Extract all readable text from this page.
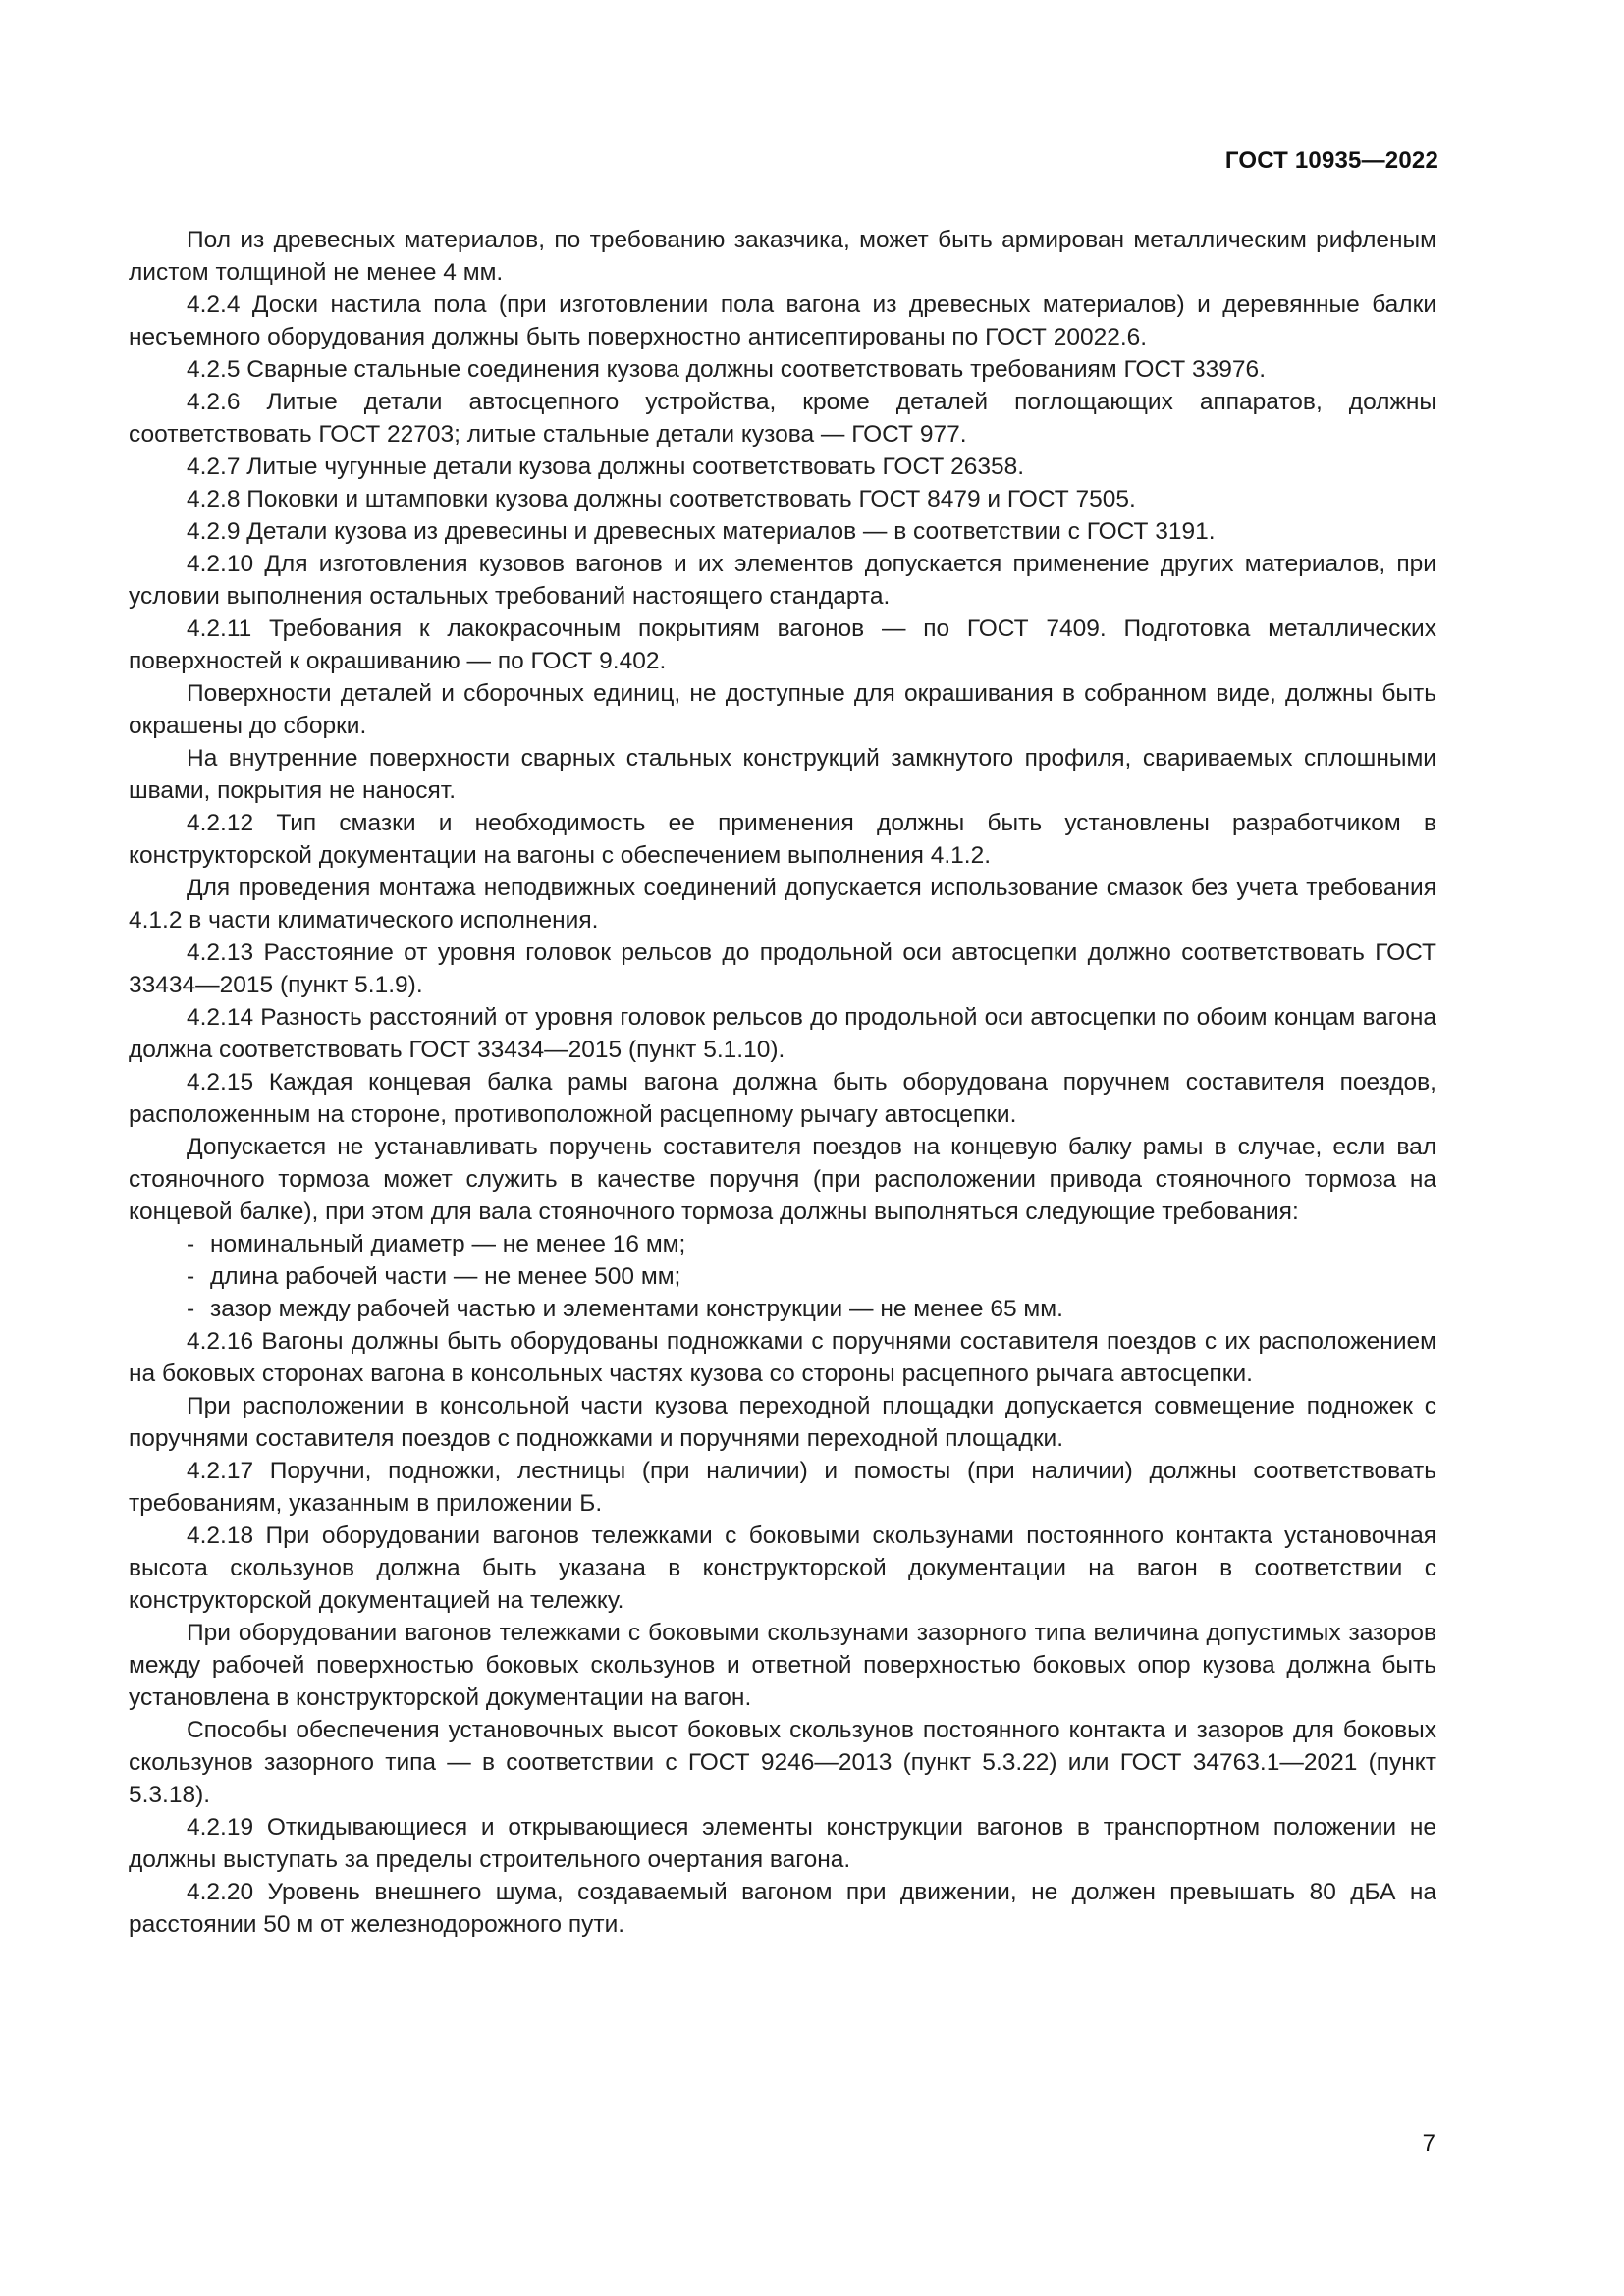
ГОСТ 10935—2022

Пол из древесных материалов, по требованию заказчика, может быть армирован металлическим рифленым листом толщиной не менее 4 мм.

4.2.4 Доски настила пола (при изготовлении пола вагона из древесных материалов) и деревянные балки несъемного оборудования должны быть поверхностно антисептированы по ГОСТ 20022.6.

4.2.5 Сварные стальные соединения кузова должны соответствовать требованиям ГОСТ 33976.

4.2.6 Литые детали автосцепного устройства, кроме деталей поглощающих аппаратов, должны соответствовать ГОСТ 22703; литые стальные детали кузова — ГОСТ 977.

4.2.7 Литые чугунные детали кузова должны соответствовать ГОСТ 26358.

4.2.8 Поковки и штамповки кузова должны соответствовать ГОСТ 8479 и ГОСТ 7505.

4.2.9 Детали кузова из древесины и древесных материалов — в соответствии с ГОСТ 3191.

4.2.10 Для изготовления кузовов вагонов и их элементов допускается применение других материалов, при условии выполнения остальных требований настоящего стандарта.

4.2.11 Требования к лакокрасочным покрытиям вагонов — по ГОСТ 7409. Подготовка металлических поверхностей к окрашиванию — по ГОСТ 9.402.

Поверхности деталей и сборочных единиц, не доступные для окрашивания в собранном виде, должны быть окрашены до сборки.

На внутренние поверхности сварных стальных конструкций замкнутого профиля, свариваемых сплошными швами, покрытия не наносят.

4.2.12 Тип смазки и необходимость ее применения должны быть установлены разработчиком в конструкторской документации на вагоны с обеспечением выполнения 4.1.2.

Для проведения монтажа неподвижных соединений допускается использование смазок без учета требования 4.1.2 в части климатического исполнения.

4.2.13 Расстояние от уровня головок рельсов до продольной оси автосцепки должно соответствовать ГОСТ 33434—2015 (пункт 5.1.9).

4.2.14 Разность расстояний от уровня головок рельсов до продольной оси автосцепки по обоим концам вагона должна соответствовать ГОСТ 33434—2015 (пункт 5.1.10).

4.2.15 Каждая концевая балка рамы вагона должна быть оборудована поручнем составителя поездов, расположенным на стороне, противоположной расцепному рычагу автосцепки.

Допускается не устанавливать поручень составителя поездов на концевую балку рамы в случае, если вал стояночного тормоза может служить в качестве поручня (при расположении привода стояночного тормоза на концевой балке), при этом для вала стояночного тормоза должны выполняться следующие требования:

- номинальный диаметр — не менее 16 мм;

- длина рабочей части — не менее 500 мм;

- зазор между рабочей частью и элементами конструкции — не менее 65 мм.

4.2.16 Вагоны должны быть оборудованы подножками с поручнями составителя поездов с их расположением на боковых сторонах вагона в консольных частях кузова со стороны расцепного рычага автосцепки.

При расположении в консольной части кузова переходной площадки допускается совмещение подножек с поручнями составителя поездов с подножками и поручнями переходной площадки.

4.2.17 Поручни, подножки, лестницы (при наличии) и помосты (при наличии) должны соответствовать требованиям, указанным в приложении Б.

4.2.18 При оборудовании вагонов тележками с боковыми скользунами постоянного контакта установочная высота скользунов должна быть указана в конструкторской документации на вагон в соответствии с конструкторской документацией на тележку.

При оборудовании вагонов тележками с боковыми скользунами зазорного типа величина допустимых зазоров между рабочей поверхностью боковых скользунов и ответной поверхностью боковых опор кузова должна быть установлена в конструкторской документации на вагон.

Способы обеспечения установочных высот боковых скользунов постоянного контакта и зазоров для боковых скользунов зазорного типа — в соответствии с ГОСТ 9246—2013 (пункт 5.3.22) или ГОСТ 34763.1—2021 (пункт 5.3.18).

4.2.19 Откидывающиеся и открывающиеся элементы конструкции вагонов в транспортном положении не должны выступать за пределы строительного очертания вагона.

4.2.20 Уровень внешнего шума, создаваемый вагоном при движении, не должен превышать 80 дБА на расстоянии 50 м от железнодорожного пути.

7
